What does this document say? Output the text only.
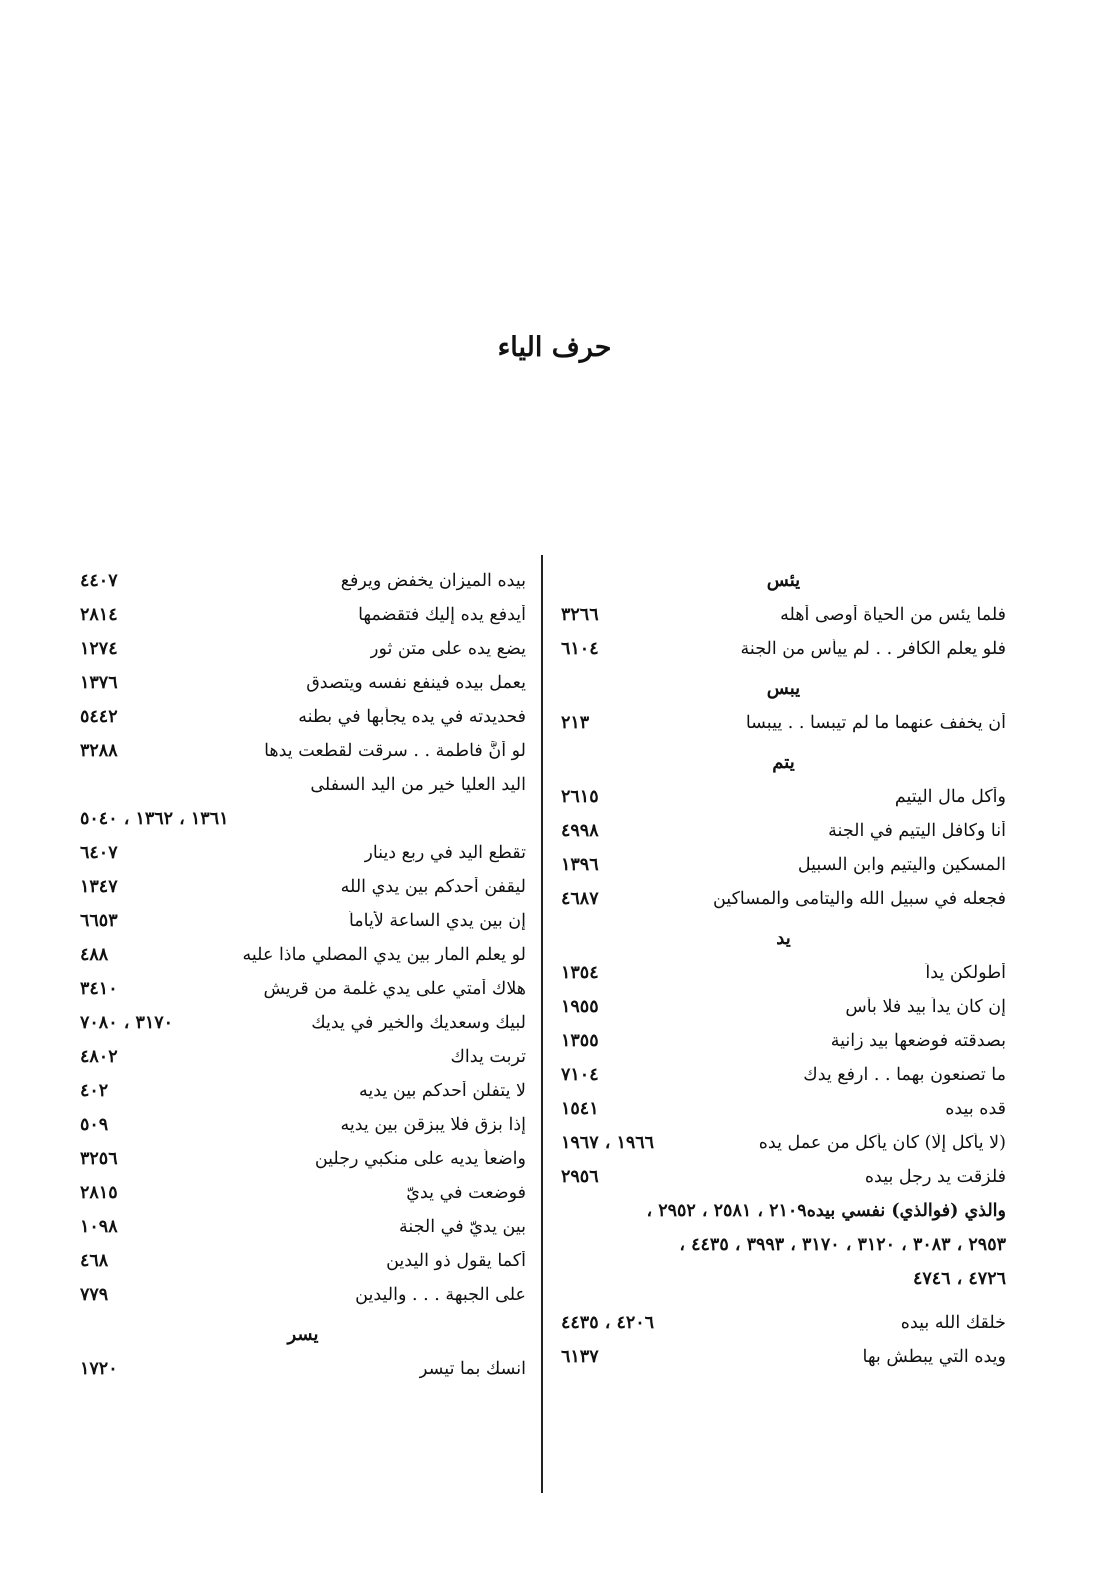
حرف الياء
يئس
فلما يئس من الحياة أوصى أهله
٣٢٦٦
فلو يعلم الكافر . . لم ييأس من الجنة
٦١٠٤
يبس
أن يخفف عنهما ما لم تيبسا . . ييبسا
٢١٣
يتم
وأكل مال اليتيم
٢٦١٥
أنا وكافل اليتيم في الجنة
٤٩٩٨
المسكين واليتيم وابن السبيل
١٣٩٦
فجعله في سبيل الله واليتامى والمساكين
٤٦٨٧
يد
أطولكن يداً
١٣٥٤
إن كان يداً بيد فلا بأس
١٩٥٥
بصدقته فوضعها بيد زانية
١٣٥٥
ما تصنعون بهما . . ارفع يدك
٧١٠٤
قده بيده
١٥٤١
(لا يأكل إلَّا) كان يأكل من عمل يده
١٩٦٦ ، ١٩٦٧
فلزقت يد رجل بيده
٢٩٥٦
والذي (فوالذي) نفسي بيده٢١٠٩ ، ٢٥٨١ ، ٢٩٥٢ ،
٢٩٥٣ ، ٣٠٨٣ ، ٣١٢٠ ، ٣١٧٠ ، ٣٩٩٣ ، ٤٤٣٥ ،
٤٧٢٦ ، ٤٧٤٦
خلقك الله بيده
٤٢٠٦ ، ٤٤٣٥
ويده التي يبطش بها
٦١٣٧
بيده الميزان يخفض ويرفع
٤٤٠٧
أيدفع يده إليك فتقضمها
٢٨١٤
يضع يده على متن ثور
١٢٧٤
يعمل بيده فينفع نفسه ويتصدق
١٣٧٦
فحديدته في يده يجأبها في بطنه
٥٤٤٢
لو أنَّ فاطمة . . سرقت لقطعت يدها
٣٢٨٨
اليد العليا خير من اليد السفلى
١٣٦١ ، ١٣٦٢ ، ٥٠٤٠
تقطع اليد في ربع دينار
٦٤٠٧
ليقفن أحدكم بين يدي الله
١٣٤٧
إن بين يدي الساعة لأياماً
٦٦٥٣
لو يعلم المار بين يدي المصلي ماذا عليه
٤٨٨
هلاك أمتي على يدي غلمة من قريش
٣٤١٠
لبيك وسعديك والخير في يديك
٣١٧٠ ، ٧٠٨٠
تربت يداك
٤٨٠٢
لا يتفلن أحدكم بين يديه
٤٠٢
إذا بزق فلا يبزقن بين يديه
٥٠٩
واضعاً يديه على منكبي رجلين
٣٢٥٦
فوضعت في يديّ
٢٨١٥
بين يديّ في الجنة
١٠٩٨
أكما يقول ذو اليدين
٤٦٨
على الجبهة . . . واليدين
٧٧٩
يسر
انسك بما تيسر
١٧٢٠
